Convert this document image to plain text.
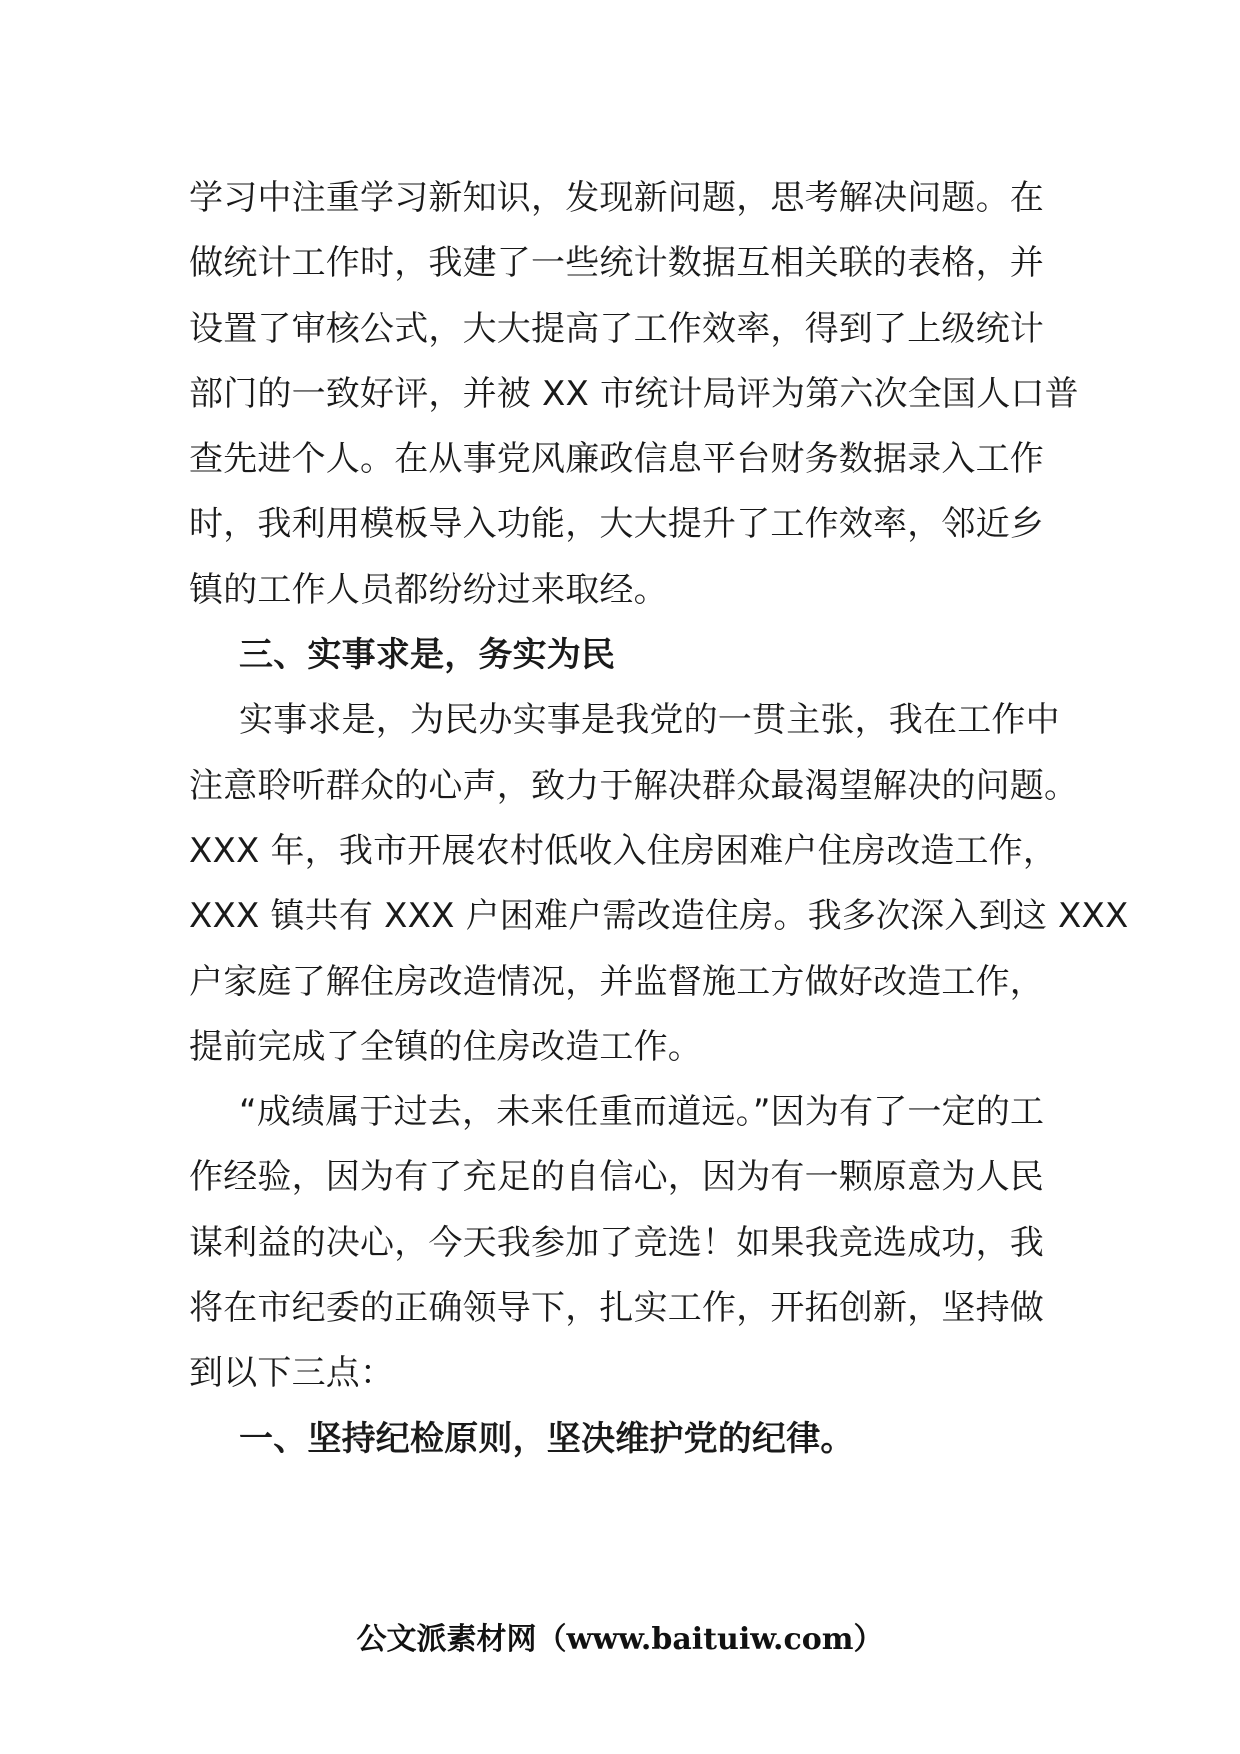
学习中注重学习新知识，发现新问题，思考解决问题。在
做统计工作时，我建了一些统计数据互相关联的表格，并
设置了审核公式，大大提高了工作效率，得到了上级统计
部门的一致好评，并被 XX 市统计局评为第六次全国人口普
查先进个人。在从事党风廉政信息平台财务数据录入工作
时，我利用模板导入功能，大大提升了工作效率，邻近乡
镇的工作人员都纷纷过来取经。
三、实事求是，务实为民
实事求是，为民办实事是我党的一贯主张，我在工作中
注意聆听群众的心声，致力于解决群众最渴望解决的问题。
XXX 年，我市开展农村低收入住房困难户住房改造工作，
XXX 镇共有 XXX 户困难户需改造住房。我多次深入到这 XXX
户家庭了解住房改造情况，并监督施工方做好改造工作，
提前完成了全镇的住房改造工作。
“成绩属于过去，未来任重而道远。”因为有了一定的工
作经验，因为有了充足的自信心，因为有一颗原意为人民
谋利益的决心，今天我参加了竞选！如果我竞选成功，我
将在市纪委的正确领导下，扎实工作，开拓创新，坚持做
到以下三点：
一、坚持纪检原则，坚决维护党的纪律。
公文派素材网（www.baituiw.com）
